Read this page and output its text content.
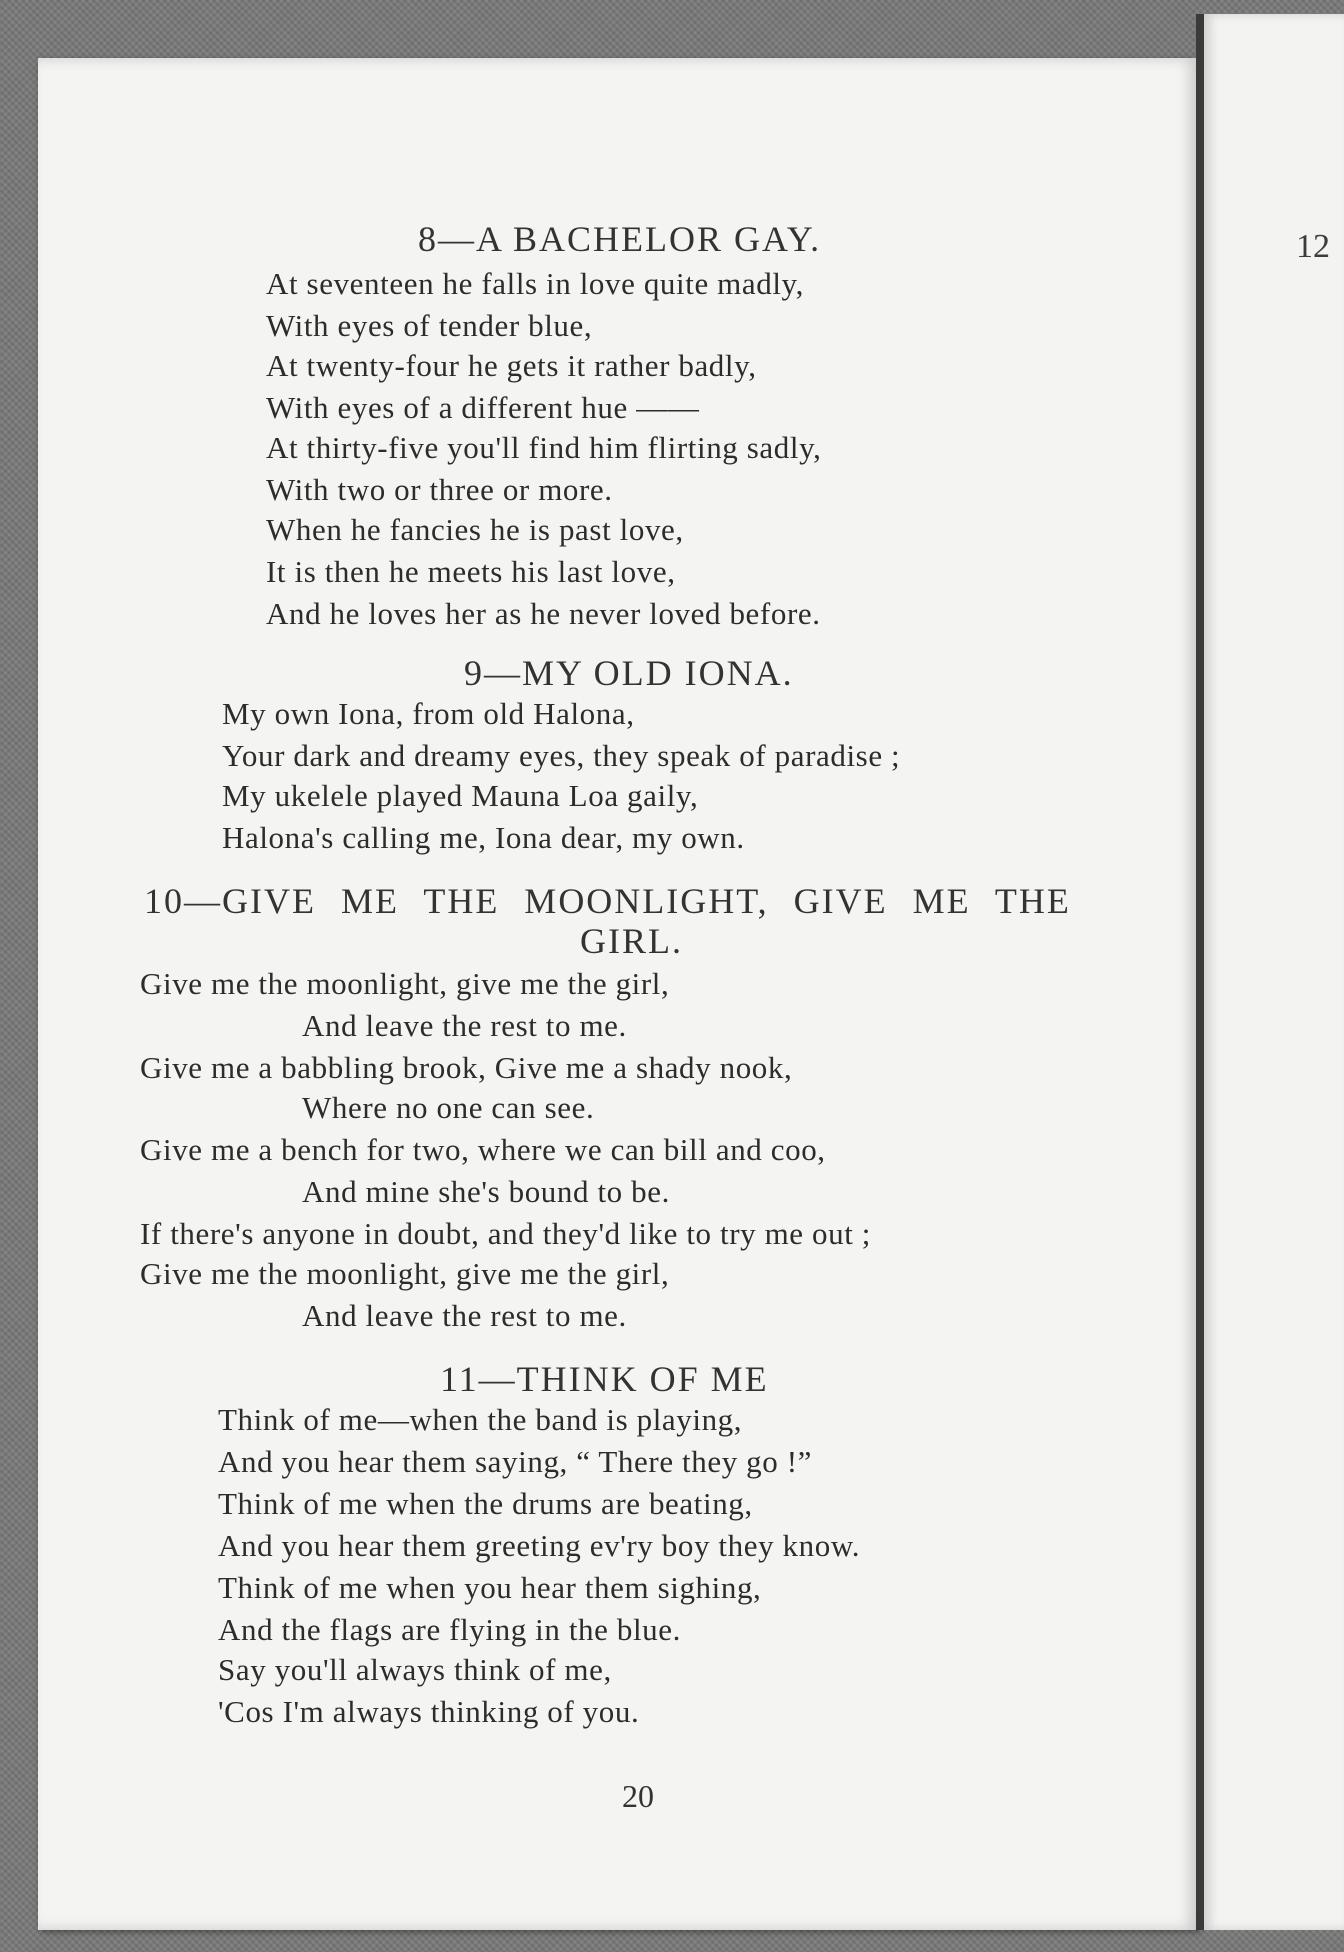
12
8—A BACHELOR GAY.
At seventeen he falls in love quite madly,
With eyes of tender blue,
At twenty-four he gets it rather badly,
With eyes of a different hue ——
At thirty-five you'll find him flirting sadly,
With two or three or more.
When he fancies he is past love,
It is then he meets his last love,
And he loves her as he never loved before.
9—MY OLD IONA.
My own Iona, from old Halona,
Your dark and dreamy eyes, they speak of paradise ;
My ukelele played Mauna Loa gaily,
Halona's calling me, Iona dear, my own.
10—GIVE ME THE MOONLIGHT, GIVE ME THE
GIRL.
Give me the moonlight, give me the girl,
And leave the rest to me.
Give me a babbling brook, Give me a shady nook,
Where no one can see.
Give me a bench for two, where we can bill and coo,
And mine she's bound to be.
If there's anyone in doubt, and they'd like to try me out ;
Give me the moonlight, give me the girl,
And leave the rest to me.
11—THINK OF ME
Think of me—when the band is playing,
And you hear them saying, “ There they go !”
Think of me when the drums are beating,
And you hear them greeting ev'ry boy they know.
Think of me when you hear them sighing,
And the flags are flying in the blue.
Say you'll always think of me,
'Cos I'm always thinking of you.
20
